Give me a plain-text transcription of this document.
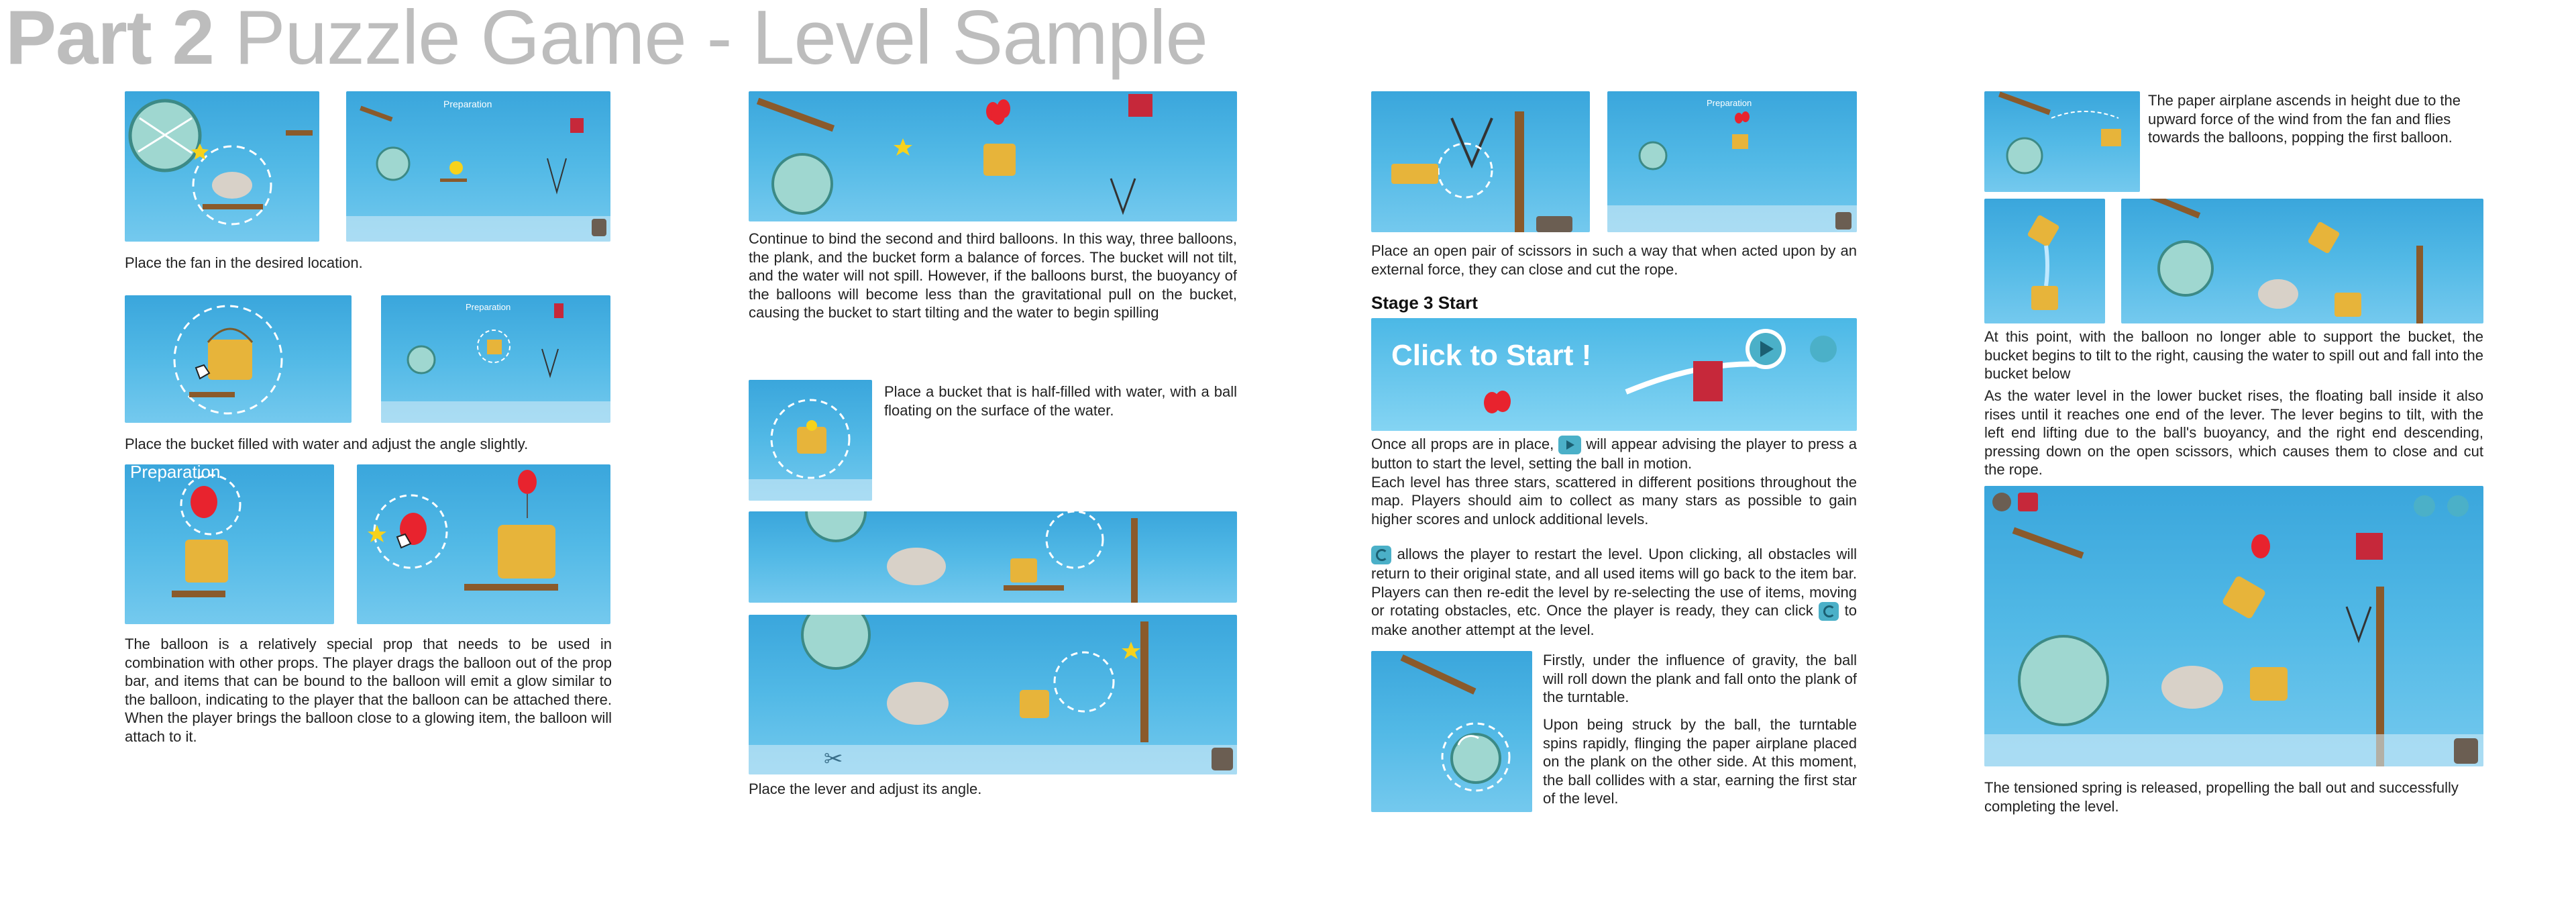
Part 2 Puzzle Game - Level Sample
Preparation
Place the fan in the desired location.
Preparation
Place the bucket filled with water and adjust the angle slightly.
Preparation
The balloon is a relatively special prop that needs to be used in combination with other props. The player drags the balloon out of the prop bar, and items that can be bound to the balloon will emit a glow similar to the balloon, indicating to the player that the balloon can be attached there. When the player brings the balloon close to a glowing item, the balloon will attach to it.
Continue to bind the second and third balloons. In this way, three balloons, the plank, and the bucket form a balance of forces. The bucket will not tilt, and the water will not spill. However, if the balloons burst, the buoyancy of the balloons will become less than the gravitational pull on the bucket, causing the bucket to start tilting and the water to begin spilling
Place a bucket that is half-filled with water, with a ball floating on the surface of the water.
✂
Place the lever and adjust its angle.
Preparation
Place an open pair of scissors in such a way that when acted upon by an external force, they can close and cut the rope.
Stage 3 Start
Click to Start !

Once all props are in place, will appear advising the player to press a button to start the level, setting the ball in motion.

Each level has three stars, scattered in different positions throughout the map. Players should aim to collect as many stars as possible to gain higher scores and unlock additional levels.

allows the player to restart the level. Upon clicking, all obstacles will return to their original state, and all used items will go back to the item bar. Players can then re-edit the level by re-selecting the use of items, moving or rotating obstacles, etc. Once the player is ready, they can click to make another attempt at the level.

Firstly, under the influence of gravity, the ball will roll down the plank and fall onto the plank of the turntable.
Upon being struck by the ball, the turntable spins rapidly, flinging the paper airplane placed on the plank on the other side. At this moment, the ball collides with a star, earning the first star of the level.
The paper airplane ascends in height due to the upward force of the wind from the fan and flies towards the balloons, popping the first balloon.
At this point, with the balloon no longer able to support the bucket, the bucket begins to tilt to the right, causing the water to spill out and fall into the bucket below
As the water level in the lower bucket rises, the floating ball inside it also rises until it reaches one end of the lever. The lever begins to tilt, with the left end lifting due to the ball's buoyancy, and the right end descending, pressing down on the open scissors, which causes them to close and cut the rope.
The tensioned spring is released, propelling the ball out and successfully completing the level.
